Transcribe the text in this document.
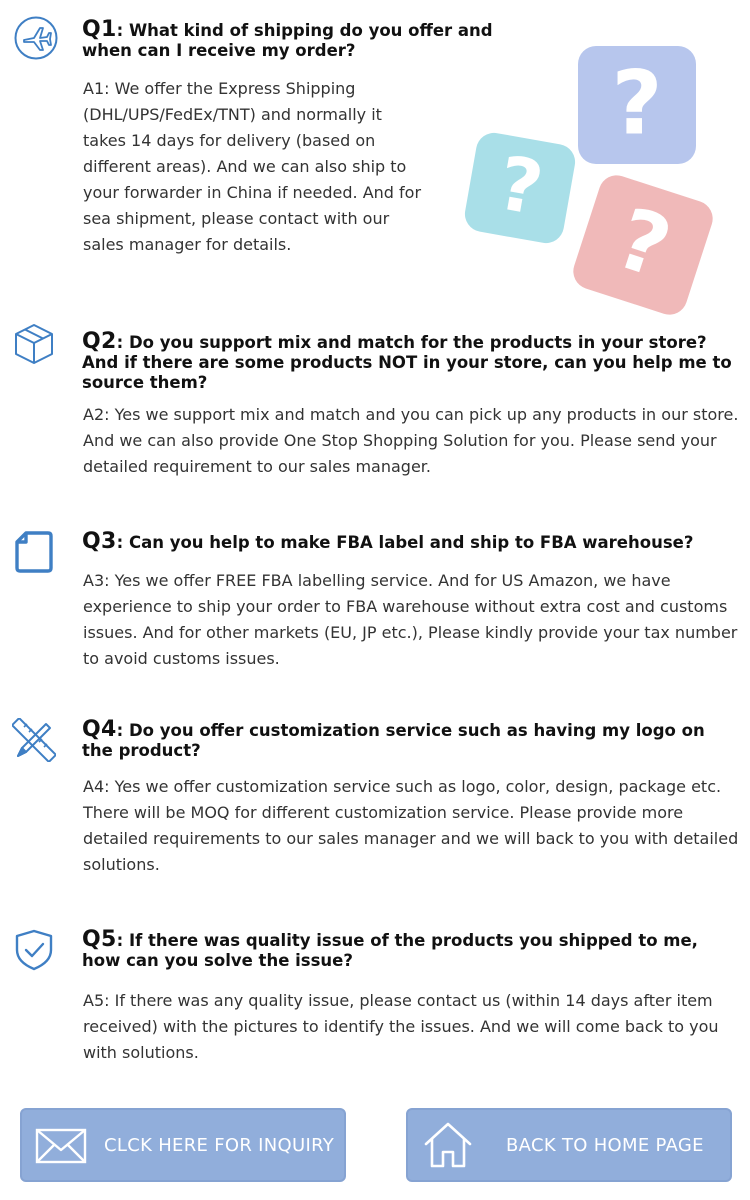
?
?
?

Q1: What kind of shipping do you offer and when can I receive my order?

A1: We offer the Express Shipping (DHL/UPS/FedEx/TNT) and normally it takes 14 days for delivery (based on different areas). And we can also ship to your forwarder in China if needed. And for sea shipment, please contact with our sales manager for details.

Q2: Do you support mix and match for the products in your store? And if there are some products NOT in your store, can you help me to source them?

A2: Yes we support mix and match and you can pick up any products in our store. And we can also provide One Stop Shopping Solution for you. Please send your detailed requirement to our sales manager.

Q3: Can you help to make FBA label and ship to FBA warehouse?

A3: Yes we offer FREE FBA labelling service. And for US Amazon, we have experience to ship your order to FBA warehouse without extra cost and customs issues. And for other markets (EU, JP etc.), Please kindly provide your tax number to avoid customs issues.

Q4: Do you offer customization service such as having my logo on the product?

A4: Yes we offer customization service such as logo, color, design, package etc. There will be MOQ for different customization service. Please provide more detailed requirements to our sales manager and we will back to you with detailed solutions.

Q5: If there was quality issue of the products you shipped to me, how can you solve the issue?

A5: If there was any quality issue, please contact us (within 14 days after item received) with the pictures to identify the issues. And we will come back to you with solutions.

CLCK HERE FOR INQUIRY	BACK TO HOME PAGE
